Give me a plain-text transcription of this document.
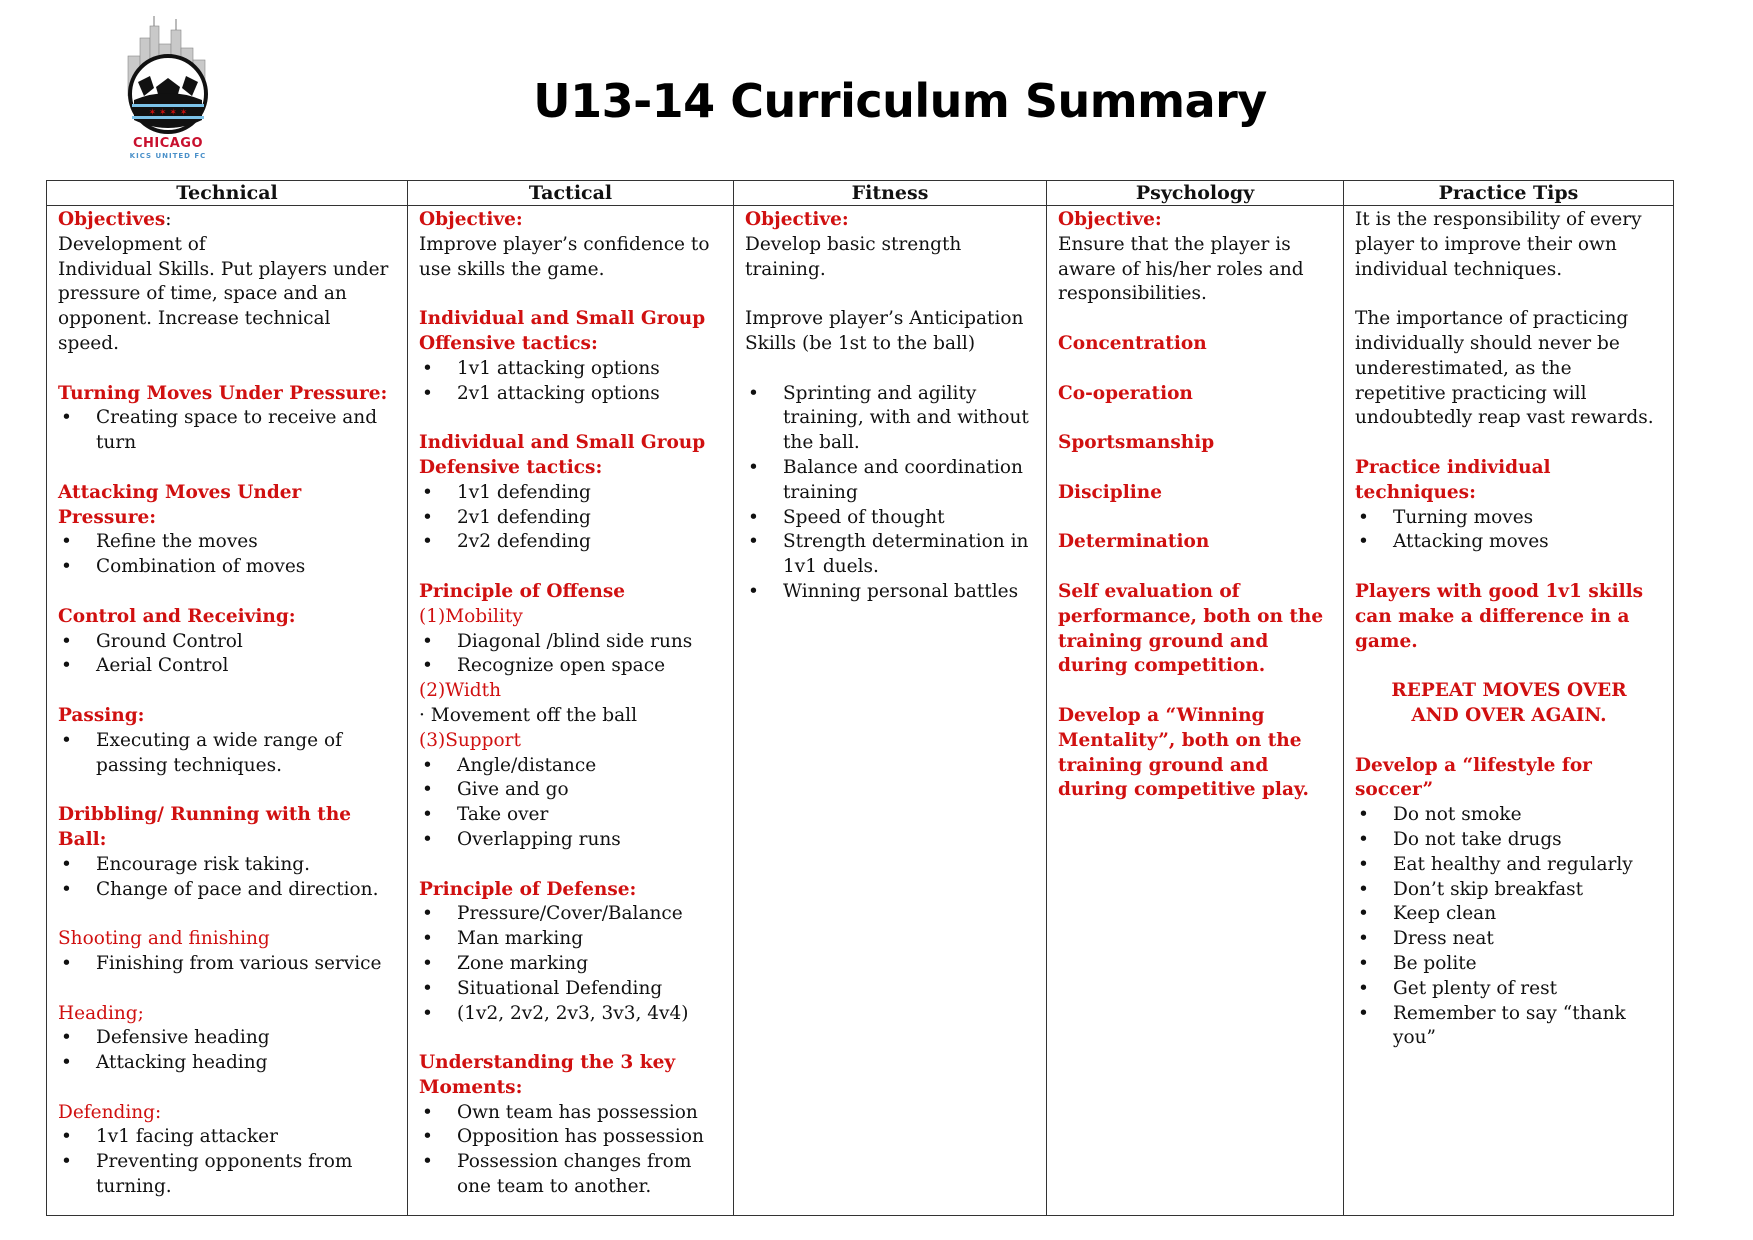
✶ ✶ ✶ ✶
CHICAGO
KICS UNITED FC
U13-14 Curriculum Summary
Technical
Objectives:
Development of
Individual Skills. Put players under pressure of time, space and an opponent. Increase technical speed.
Turning Moves Under Pressure:
• Creating space to receive and turn
Attacking Moves Under Pressure:
• Refine the moves
• Combination of moves
Control and Receiving:
• Ground Control
• Aerial Control
Passing:
• Executing a wide range of passing techniques.
Dribbling/ Running with the Ball:
• Encourage risk taking.
• Change of pace and direction.
Shooting and finishing
• Finishing from various service
Heading;
• Defensive heading
• Attacking heading
Defending:
• 1v1 facing attacker
• Preventing opponents from turning.
Tactical
Objective:
Improve player’s confidence to use skills the game.
Individual and Small Group Offensive tactics:
• 1v1 attacking options
• 2v1 attacking options
Individual and Small Group Defensive tactics:
• 1v1 defending
• 2v1 defending
• 2v2 defending
Principle of Offense
(1)Mobility
• Diagonal /blind side runs
• Recognize open space
(2)Width
· Movement off the ball
(3)Support
• Angle/distance
• Give and go
• Take over
• Overlapping runs
Principle of Defense:
• Pressure/Cover/Balance
• Man marking
• Zone marking
• Situational Defending
• (1v2, 2v2, 2v3, 3v3, 4v4)
Understanding the 3 key Moments:
• Own team has possession
• Opposition has possession
• Possession changes from one team to another.
Fitness
Objective:
Develop basic strength training.
Improve player’s Anticipation Skills (be 1st to the ball)
• Sprinting and agility training, with and without the ball.
• Balance and coordination training
• Speed of thought
• Strength determination in 1v1 duels.
• Winning personal battles
Psychology
Objective:
Ensure that the player is aware of his/her roles and responsibilities.
Concentration
Co-operation
Sportsmanship
Discipline
Determination
Self evaluation of performance, both on the training ground and during competition.
Develop a “Winning Mentality”, both on the training ground and during competitive play.
Practice Tips
It is the responsibility of every player to improve their own individual techniques.
The importance of practicing individually should never be underestimated, as the repetitive practicing will undoubtedly reap vast rewards.
Practice individual techniques:
• Turning moves
• Attacking moves
Players with good 1v1 skills can make a difference in a game.
REPEAT MOVES OVER
AND OVER AGAIN.
Develop a “lifestyle for soccer”
• Do not smoke
• Do not take drugs
• Eat healthy and regularly
• Don’t skip breakfast
• Keep clean
• Dress neat
• Be polite
• Get plenty of rest
• Remember to say “thank you”
